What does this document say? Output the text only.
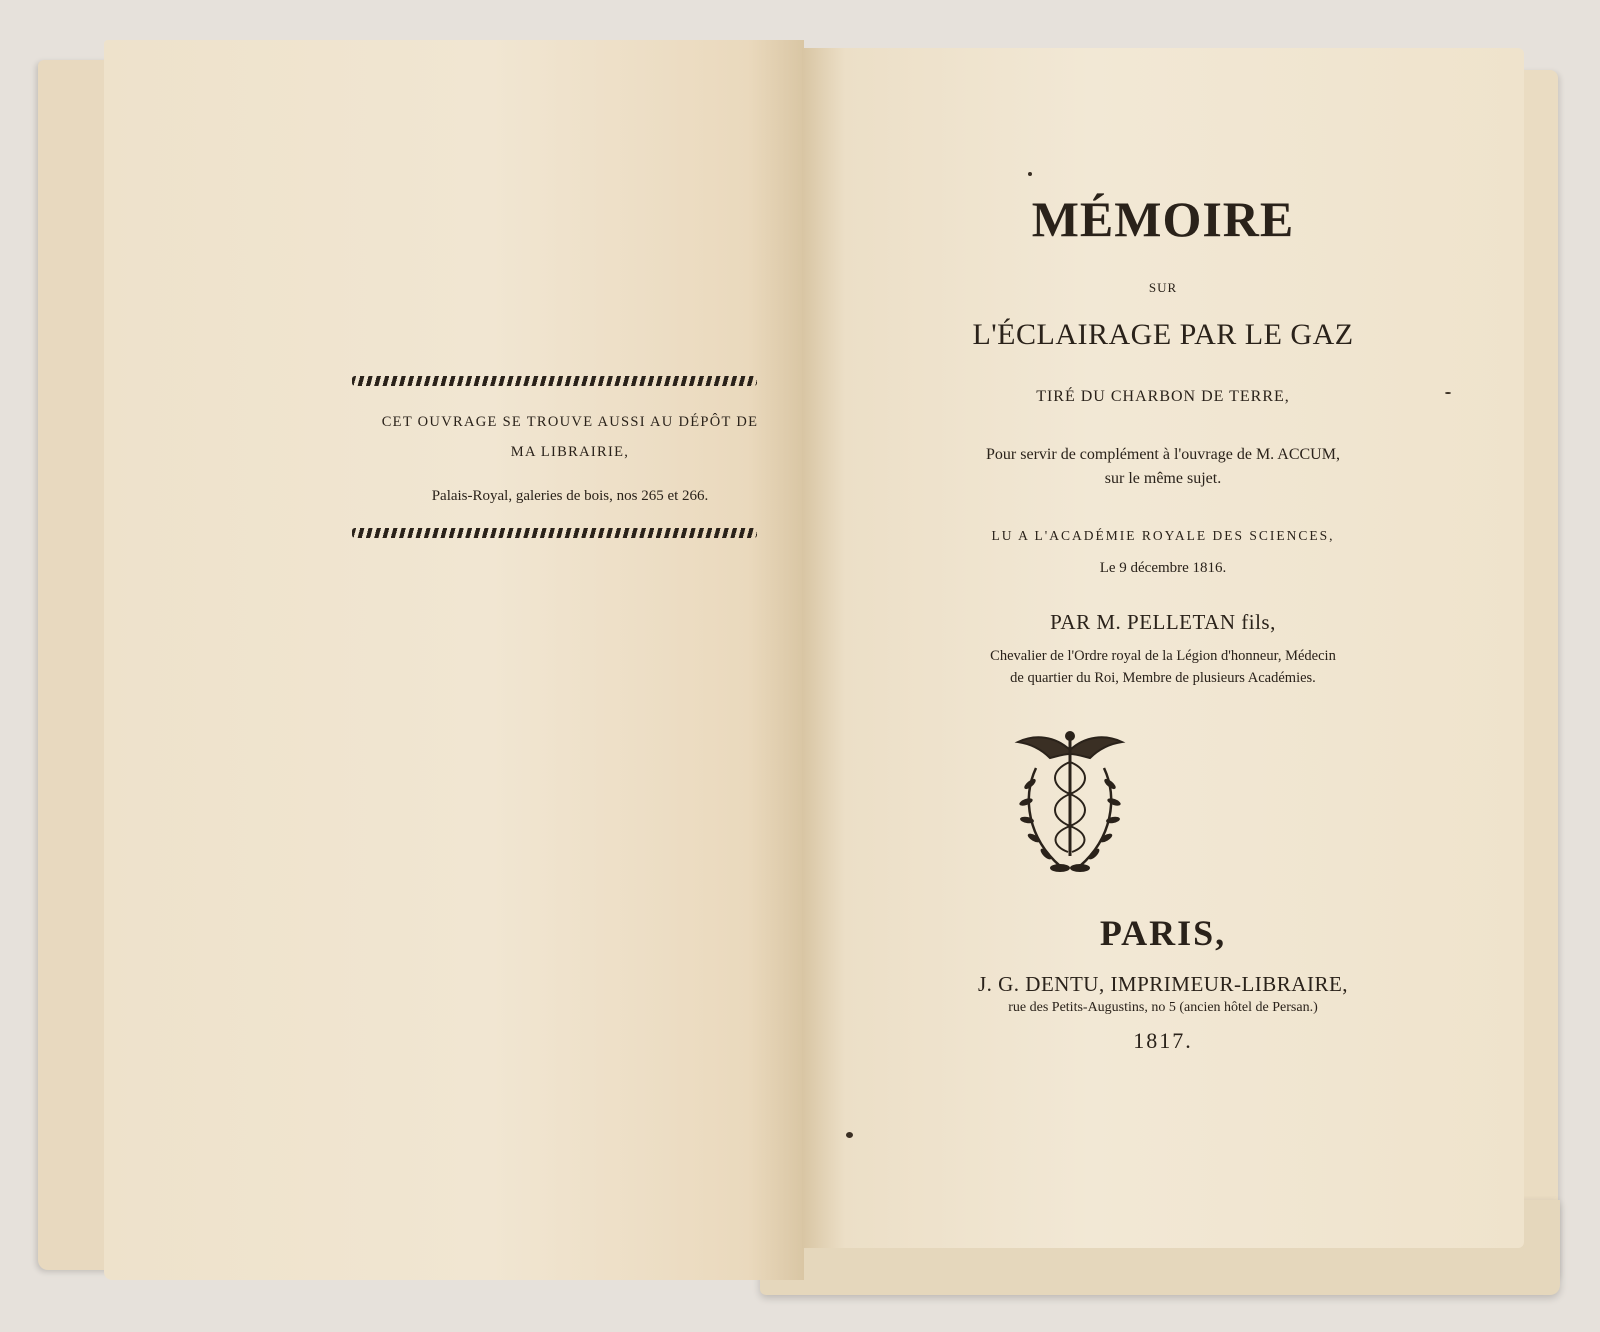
CET OUVRAGE SE TROUVE AUSSI AU DÉPÔT DE
MA LIBRAIRIE,
Palais-Royal, galeries de bois, nos 265 et 266.
MÉMOIRE
SUR
L'ÉCLAIRAGE PAR LE GAZ
TIRÉ DU CHARBON DE TERRE,
Pour servir de complément à l'ouvrage de M. ACCUM,
sur le même sujet.
LU A L'ACADÉMIE ROYALE DES SCIENCES,
Le 9 décembre 1816.
PAR M. PELLETAN fils,
Chevalier de l'Ordre royal de la Légion d'honneur, Médecin
de quartier du Roi, Membre de plusieurs Académies.
PARIS,
J. G. DENTU, IMPRIMEUR-LIBRAIRE,
rue des Petits-Augustins, no 5 (ancien hôtel de Persan.)
1817.
